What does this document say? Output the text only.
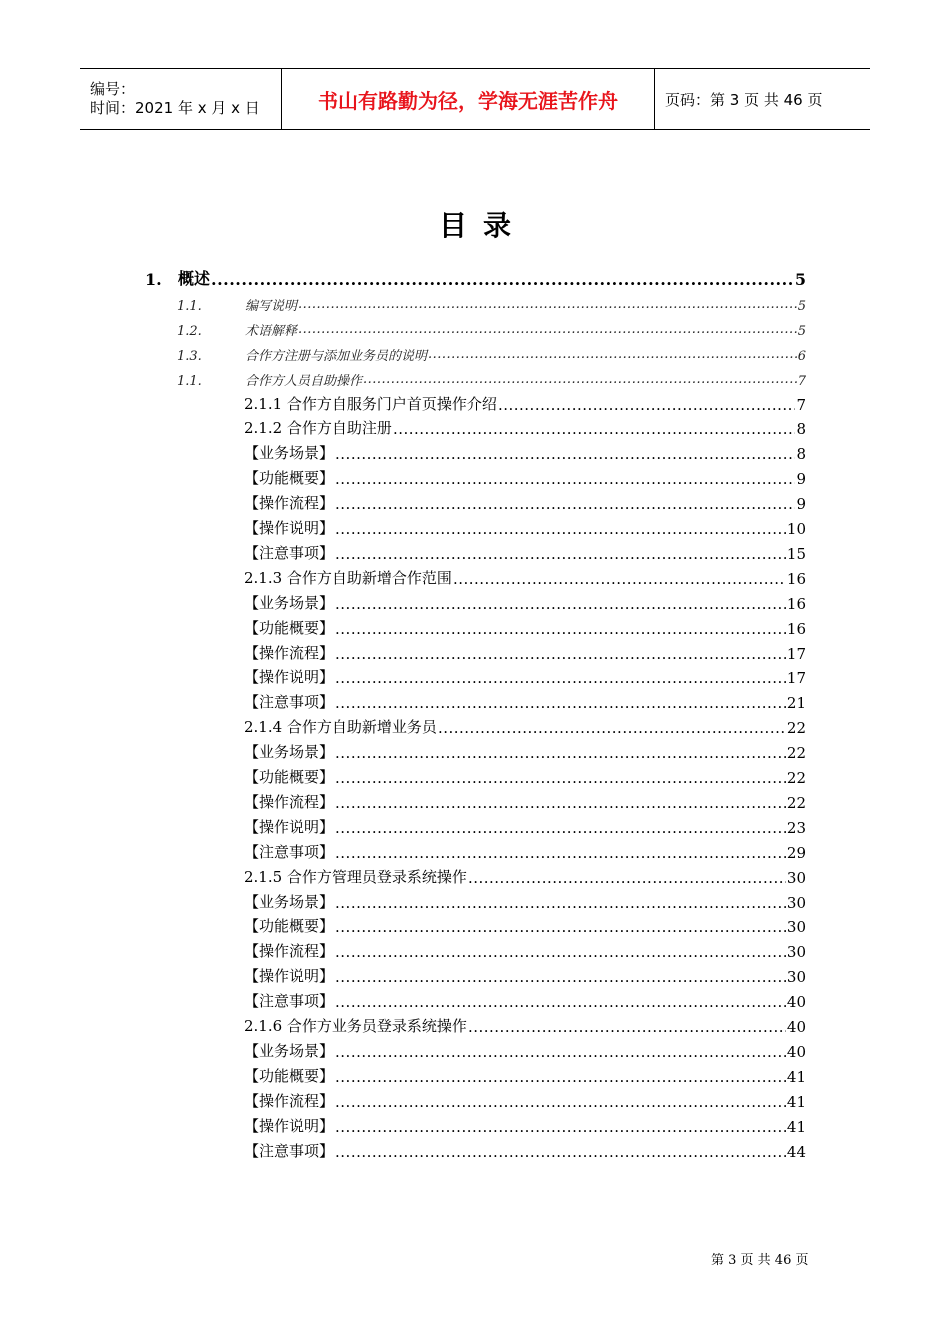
编号：
时间：2021 年 x 月 x 日	书山有路勤为径，学海无涯苦作舟	页码：第 3 页 共 46 页
目录
1.	概述 .....	5
1.1.	编写说明 .....	5
1.2.	术语解释 .....	5
1.3.	合作方注册与添加业务员的说明 .....	6
1.1.	合作方人员自助操作 .....	7
2.1.1 合作方自服务门户首页操作介绍 .....	7
2.1.2 合作方自助注册 .....	8
【业务场景】 .....	8
【功能概要】 .....	9
【操作流程】 .....	9
【操作说明】 .....	10
【注意事项】 .....	15
2.1.3 合作方自助新增合作范围 .....	16
【业务场景】 .....	16
【功能概要】 .....	16
【操作流程】 .....	17
【操作说明】 .....	17
【注意事项】 .....	21
2.1.4 合作方自助新增业务员 .....	22
【业务场景】 .....	22
【功能概要】 .....	22
【操作流程】 .....	22
【操作说明】 .....	23
【注意事项】 .....	29
2.1.5 合作方管理员登录系统操作 .....	30
【业务场景】 .....	30
【功能概要】 .....	30
【操作流程】 .....	30
【操作说明】 .....	30
【注意事项】 .....	40
2.1.6 合作方业务员登录系统操作 .....	40
【业务场景】 .....	40
【功能概要】 .....	41
【操作流程】 .....	41
【操作说明】 .....	41
【注意事项】 .....	44
第 3 页 共 46 页
